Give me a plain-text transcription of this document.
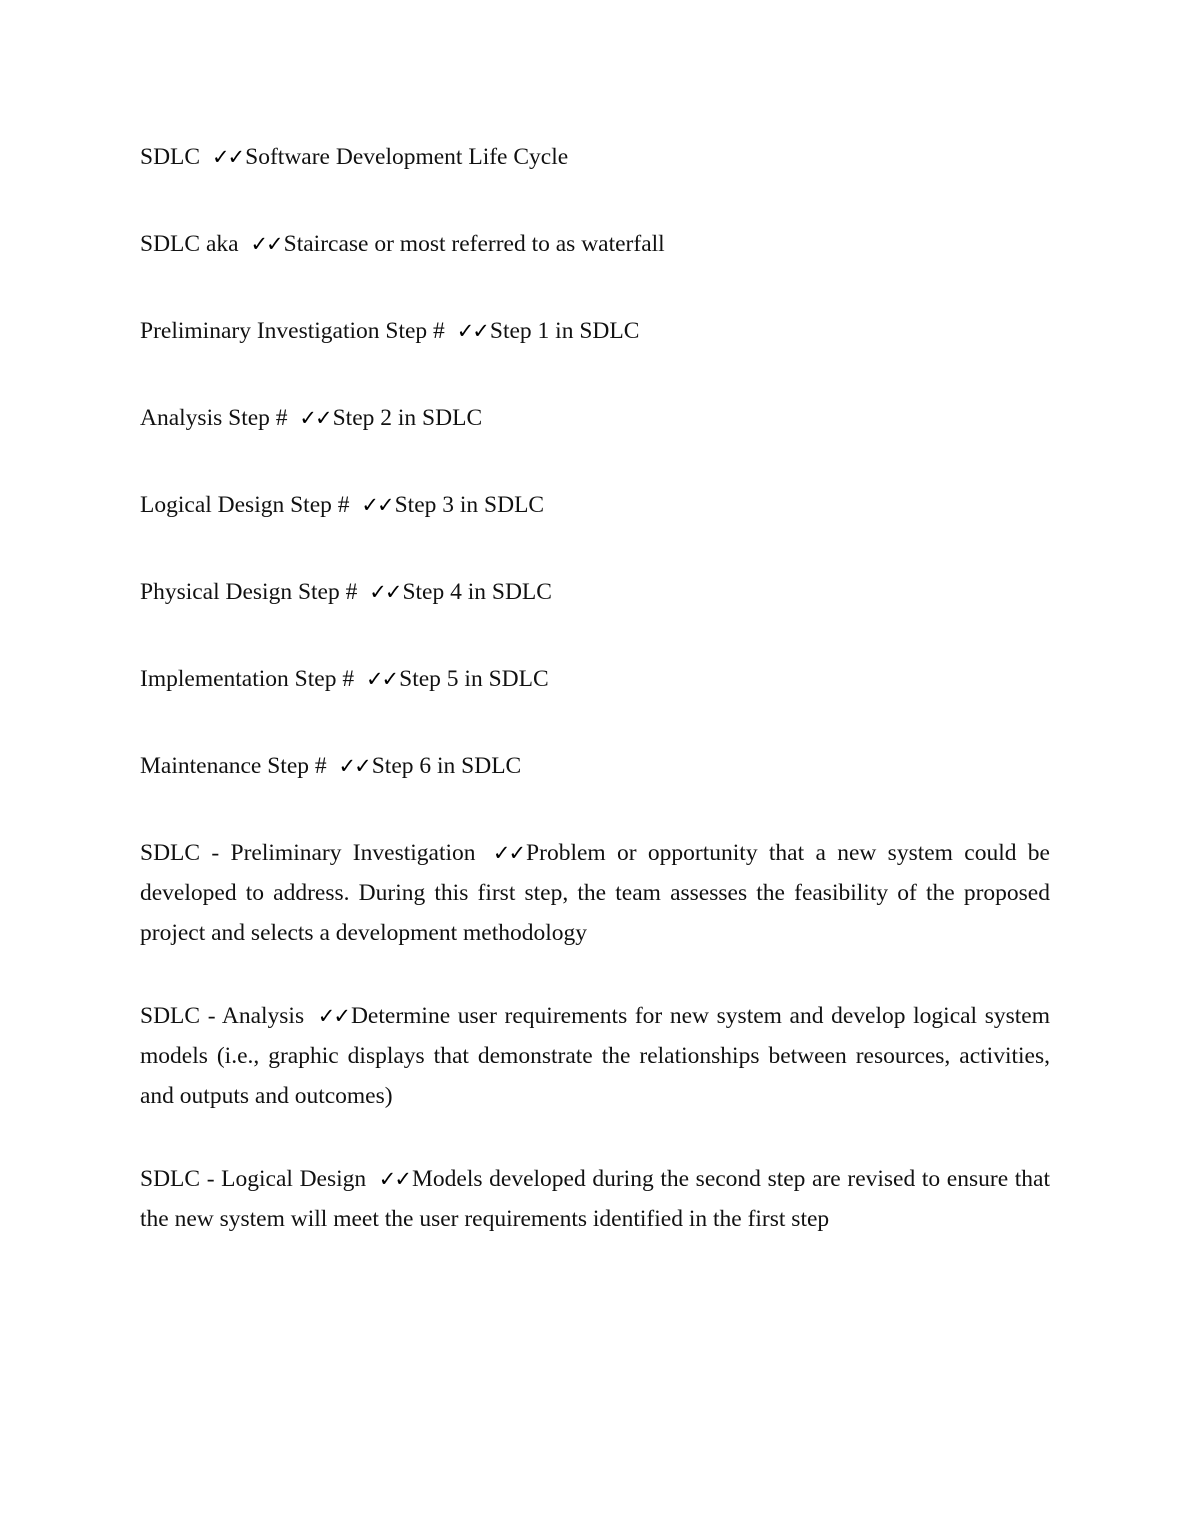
SDLC ✓✓Software Development Life Cycle

SDLC aka ✓✓Staircase or most referred to as waterfall

Preliminary Investigation Step # ✓✓Step 1 in SDLC

Analysis Step # ✓✓Step 2 in SDLC

Logical Design Step # ✓✓Step 3 in SDLC

Physical Design Step # ✓✓Step 4 in SDLC

Implementation Step # ✓✓Step 5 in SDLC

Maintenance Step # ✓✓Step 6 in SDLC

SDLC - Preliminary Investigation ✓✓Problem or opportunity that a new system could be developed to address. During this first step, the team assesses the feasibility of the proposed project and selects a development methodology

SDLC - Analysis ✓✓Determine user requirements for new system and develop logical system models (i.e., graphic displays that demonstrate the relationships between resources, activities, and outputs and outcomes)

SDLC - Logical Design ✓✓Models developed during the second step are revised to ensure that the new system will meet the user requirements identified in the first step
